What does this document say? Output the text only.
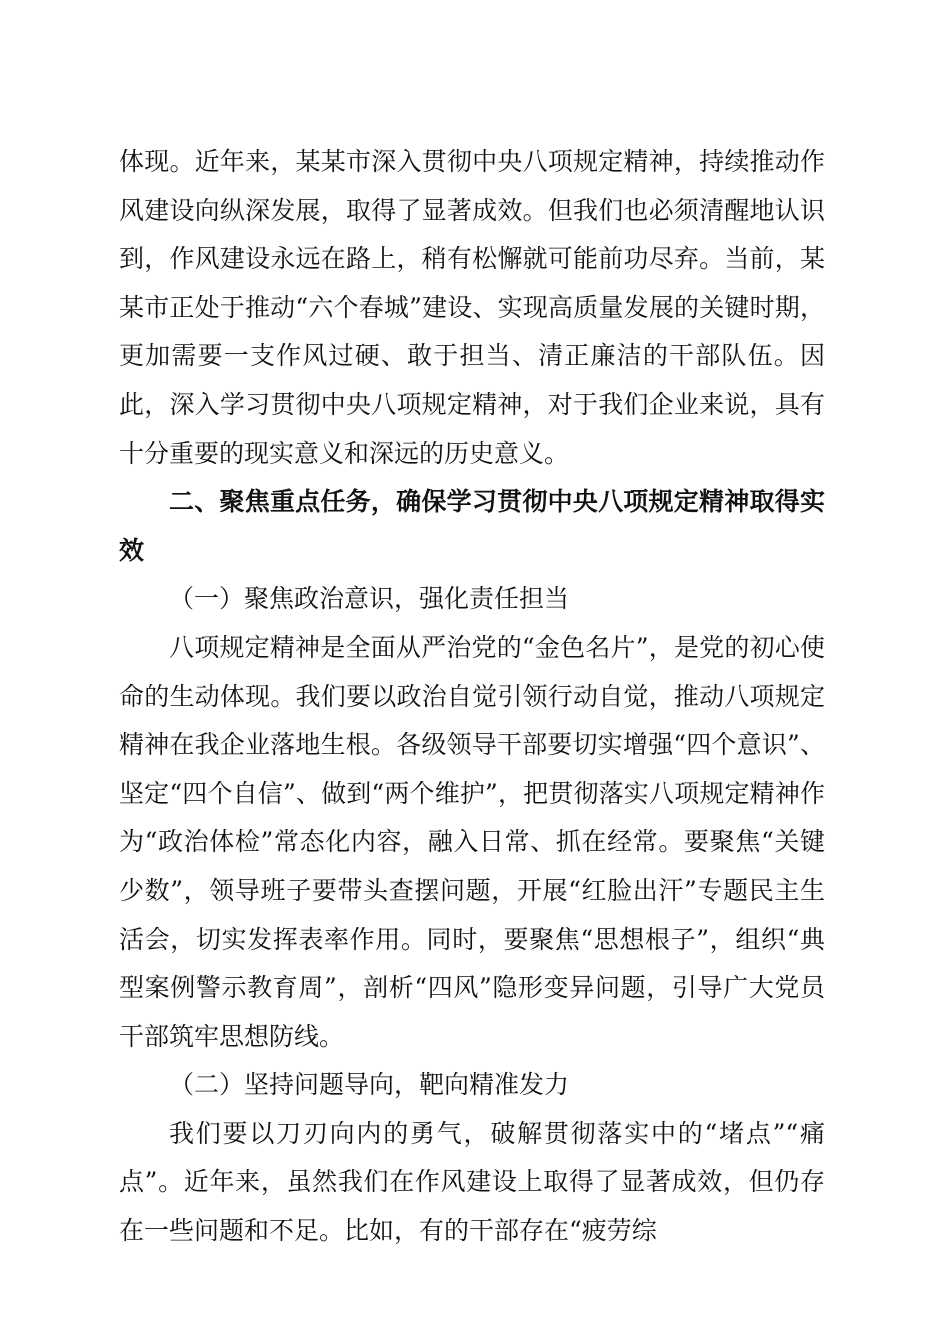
体现。近年来，某某市深入贯彻中央八项规定精神，持续推动作风建设向纵深发展，取得了显著成效。但我们也必须清醒地认识到，作风建设永远在路上，稍有松懈就可能前功尽弃。当前，某某市正处于推动“六个春城”建设、实现高质量发展的关键时期，更加需要一支作风过硬、敢于担当、清正廉洁的干部队伍。因此，深入学习贯彻中央八项规定精神，对于我们企业来说，具有十分重要的现实意义和深远的历史意义。

二、聚焦重点任务，确保学习贯彻中央八项规定精神取得实效

（一）聚焦政治意识，强化责任担当

八项规定精神是全面从严治党的“金色名片”，是党的初心使命的生动体现。我们要以政治自觉引领行动自觉，推动八项规定精神在我企业落地生根。各级领导干部要切实增强“四个意识”、坚定“四个自信”、做到“两个维护”，把贯彻落实八项规定精神作为“政治体检”常态化内容，融入日常、抓在经常。要聚焦“关键少数”，领导班子要带头查摆问题，开展“红脸出汗”专题民主生活会，切实发挥表率作用。同时，要聚焦“思想根子”，组织“典型案例警示教育周”，剖析“四风”隐形变异问题，引导广大党员干部筑牢思想防线。

（二）坚持问题导向，靶向精准发力

我们要以刀刃向内的勇气，破解贯彻落实中的“堵点”“痛点”。近年来，虽然我们在作风建设上取得了显著成效，但仍存在一些问题和不足。比如，有的干部存在“疲劳综
